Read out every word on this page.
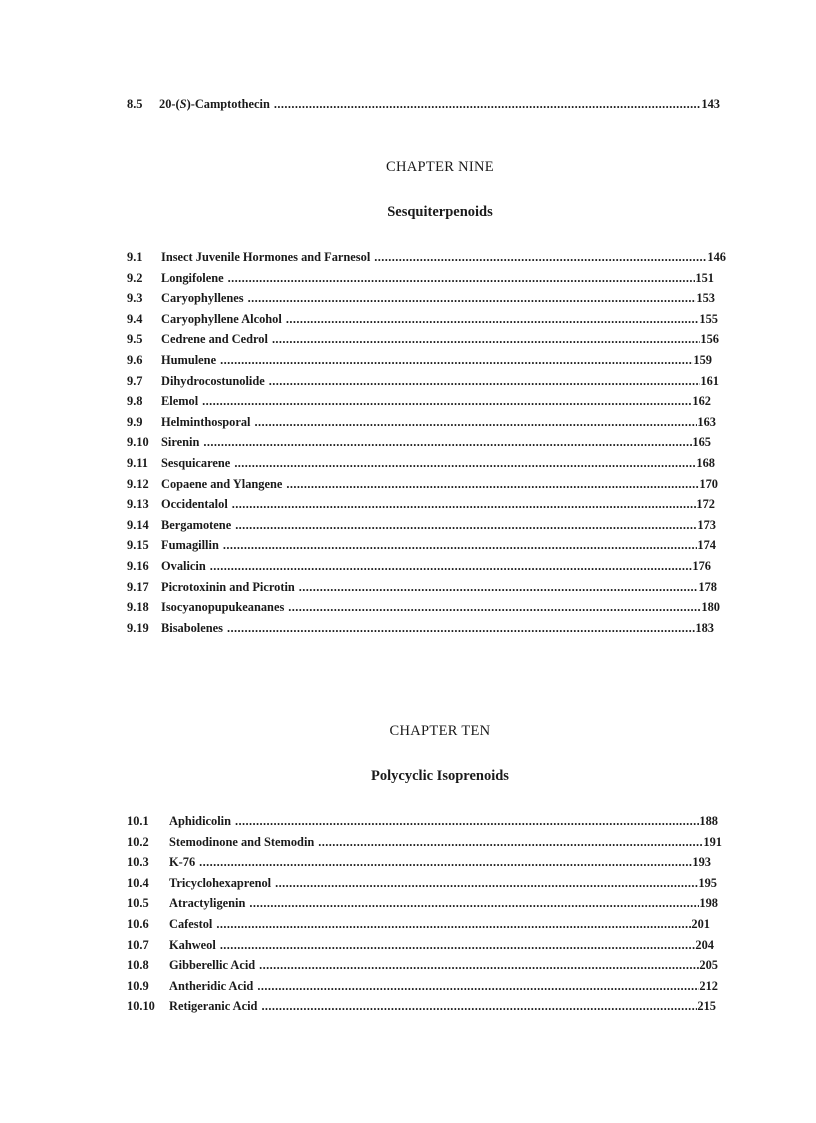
8.5	20-(S)-Camptothecin .....	143
CHAPTER NINE
Sesquiterpenoids
9.1	Insect Juvenile Hormones and Farnesol .....	146
9.2	Longifolene .....	151
9.3	Caryophyllenes .....	153
9.4	Caryophyllene Alcohol .....	155
9.5	Cedrene and Cedrol .....	156
9.6	Humulene .....	159
9.7	Dihydrocostunolide .....	161
9.8	Elemol .....	162
9.9	Helminthosporal .....	163
9.10 Sirenin .....	165
9.11	Sesquicarene .....	168
9.12 Copaene and Ylangene .....	170
9.13 Occidentalol .....	172
9.14 Bergamotene .....	173
9.15 Fumagillin .....	174
9.16 Ovalicin .....	176
9.17 Picrotoxinin and Picrotin .....	178
9.18 Isocyanopupukeananes .....	180
9.19 Bisabolenes .....	183
CHAPTER TEN
Polycyclic Isoprenoids
10.1	Aphidicolin .....	188
10.2	Stemodinone and Stemodin .....	191
10.3	K-76 .....	193
10.4	Tricyclohexaprenol .....	195
10.5	Atractyligenin .....	198
10.6	Cafestol .....	201
10.7	Kahweol .....	204
10.8	Gibberellic Acid .....	205
10.9	Antheridic Acid .....	212
10.10	Retigeranic Acid .....	215
